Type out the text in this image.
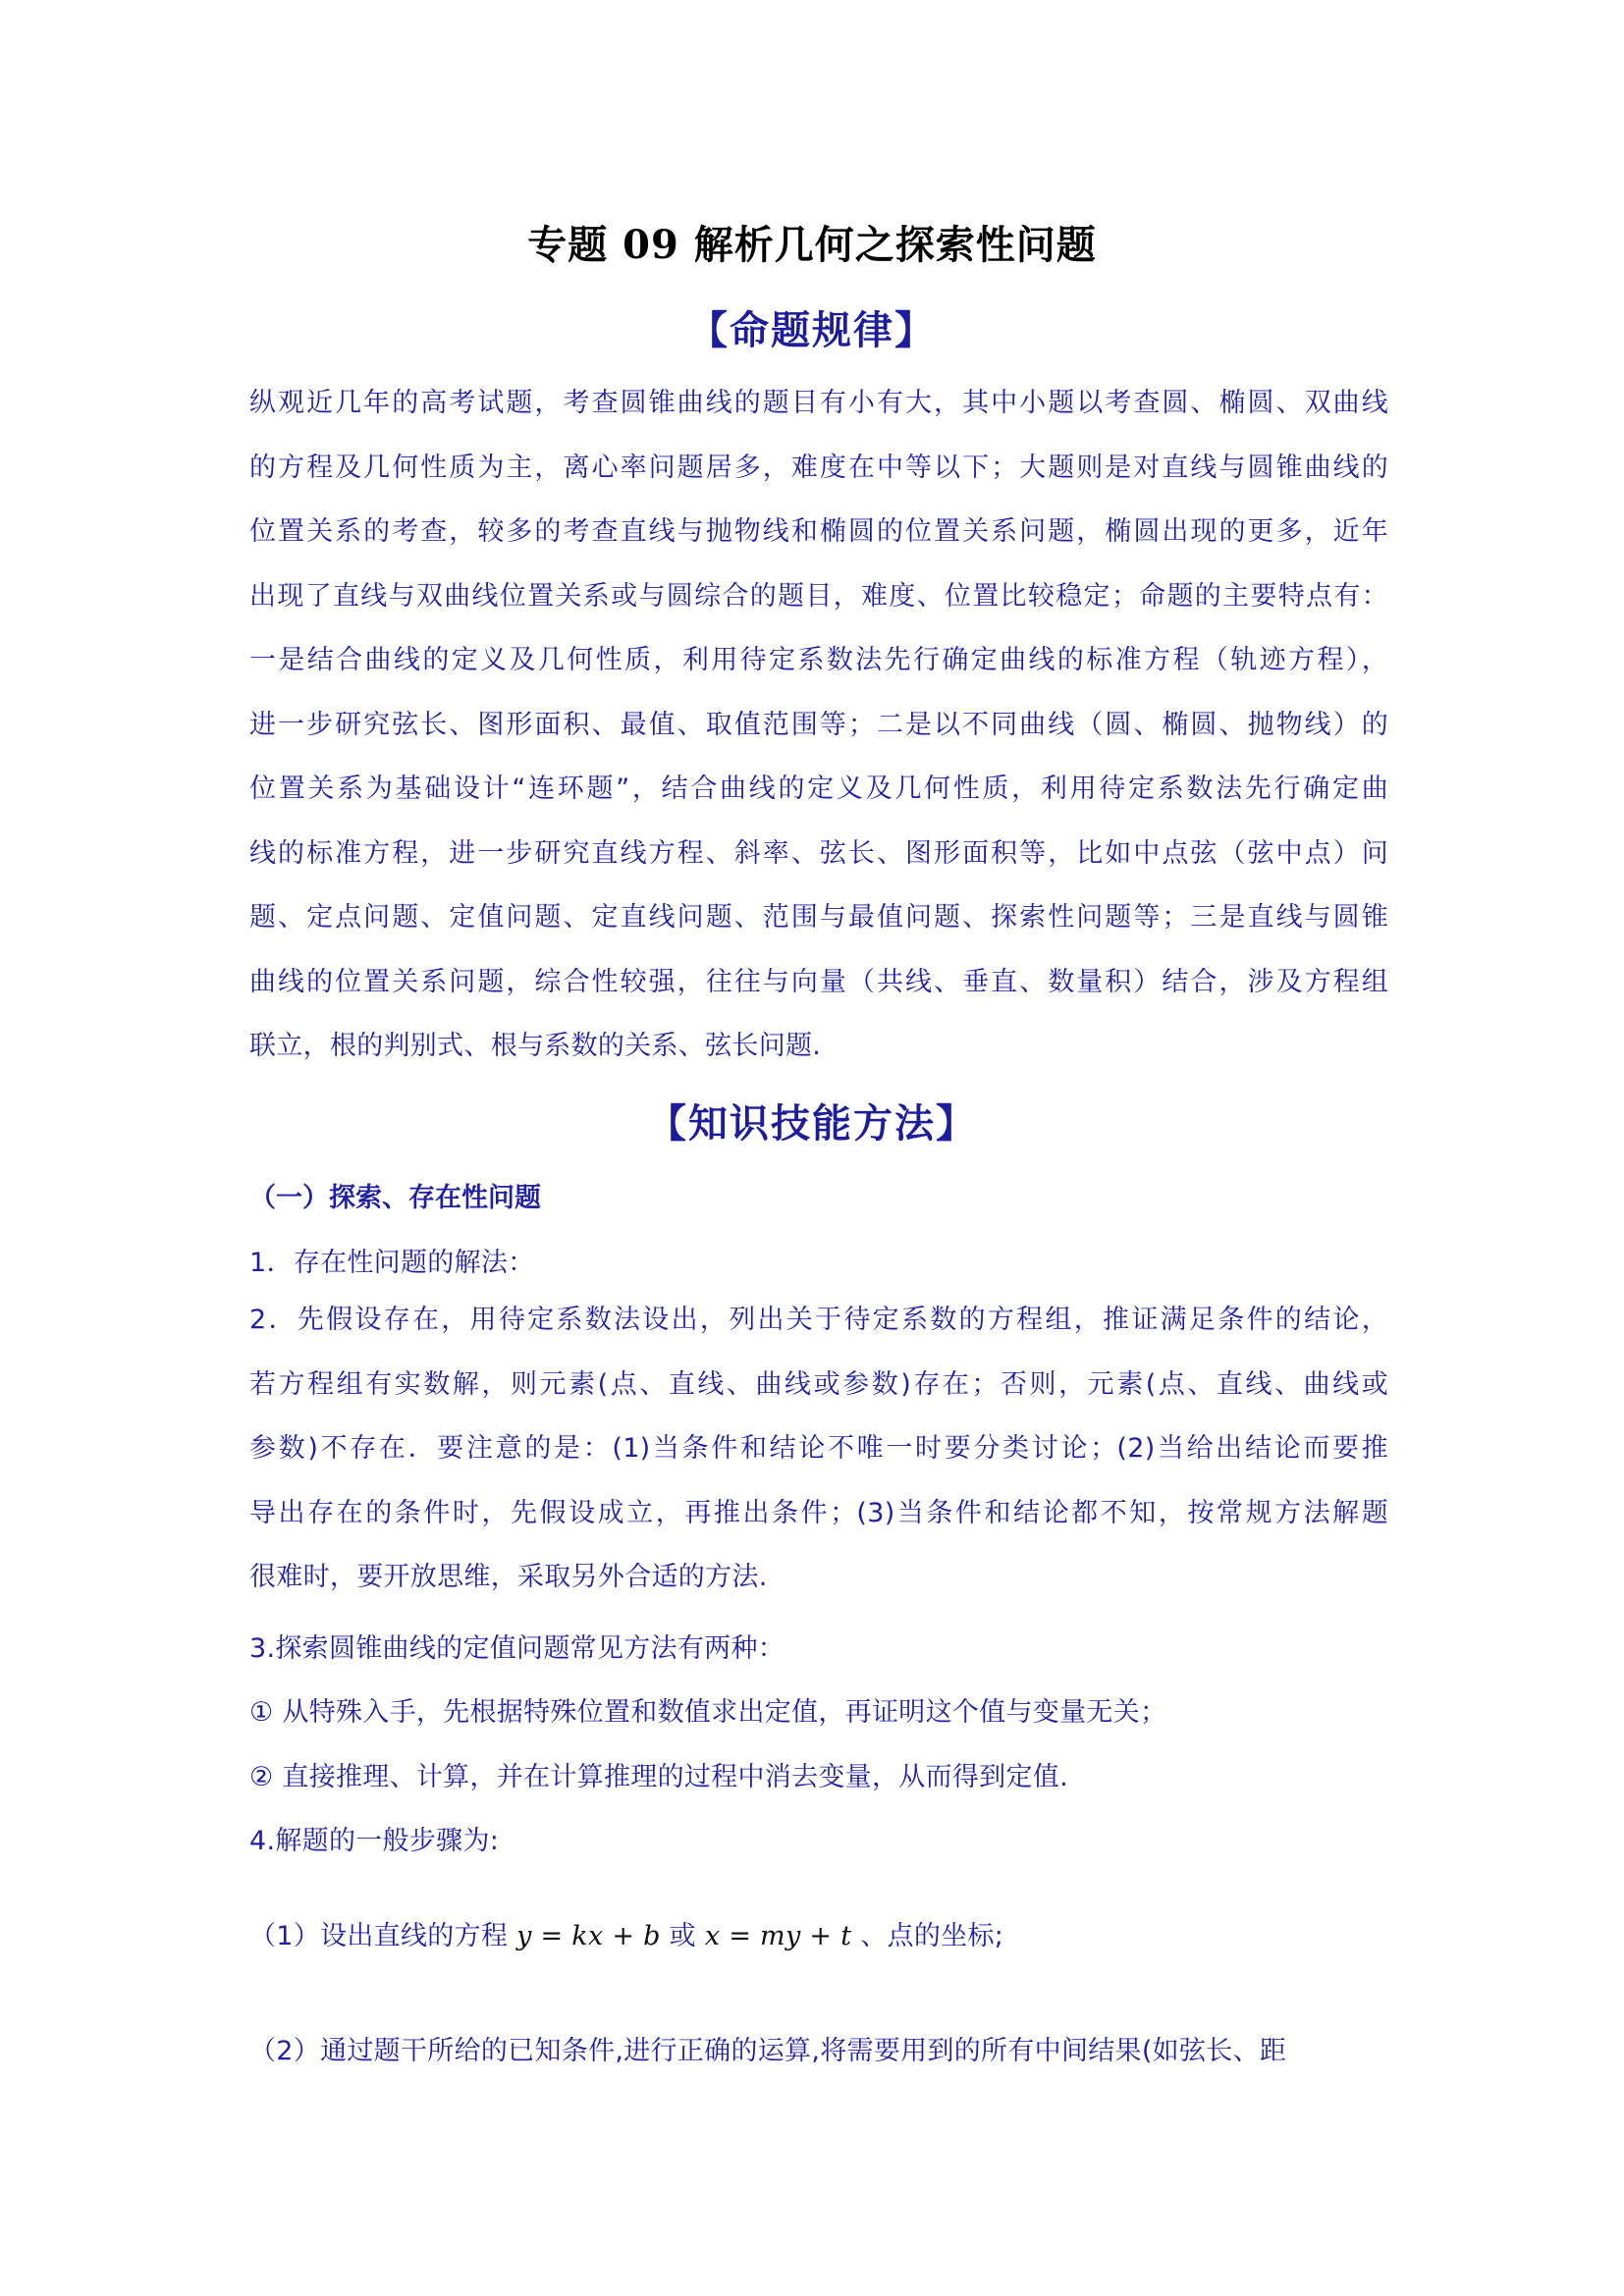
专题 09 解析几何之探索性问题
【命题规律】
纵观近几年的高考试题，考查圆锥曲线的题目有小有大，其中小题以考查圆、椭圆、双曲线
的方程及几何性质为主，离心率问题居多，难度在中等以下；大题则是对直线与圆锥曲线的
位置关系的考查，较多的考查直线与抛物线和椭圆的位置关系问题，椭圆出现的更多，近年
出现了直线与双曲线位置关系或与圆综合的题目，难度、位置比较稳定；命题的主要特点有：
一是结合曲线的定义及几何性质，利用待定系数法先行确定曲线的标准方程（轨迹方程），
进一步研究弦长、图形面积、最值、取值范围等；二是以不同曲线（圆、椭圆、抛物线）的
位置关系为基础设计“连环题”，结合曲线的定义及几何性质，利用待定系数法先行确定曲
线的标准方程，进一步研究直线方程、斜率、弦长、图形面积等，比如中点弦（弦中点）问
题、定点问题、定值问题、定直线问题、范围与最值问题、探索性问题等；三是直线与圆锥
曲线的位置关系问题，综合性较强，往往与向量（共线、垂直、数量积）结合，涉及方程组
联立，根的判别式、根与系数的关系、弦长问题.
【知识技能方法】
（一）探索、存在性问题
1．存在性问题的解法：
2．先假设存在，用待定系数法设出，列出关于待定系数的方程组，推证满足条件的结论，
若方程组有实数解，则元素(点、直线、曲线或参数)存在；否则，元素(点、直线、曲线或
参数)不存在．要注意的是：(1)当条件和结论不唯一时要分类讨论；(2)当给出结论而要推
导出存在的条件时，先假设成立，再推出条件；(3)当条件和结论都不知，按常规方法解题
很难时，要开放思维，采取另外合适的方法.
3.探索圆锥曲线的定值问题常见方法有两种：
① 从特殊入手，先根据特殊位置和数值求出定值，再证明这个值与变量无关；
② 直接推理、计算，并在计算推理的过程中消去变量，从而得到定值.
4.解题的一般步骤为:
（1）设出直线的方程 y = kx + b 或 x = my + t 、点的坐标;
（2）通过题干所给的已知条件,进行正确的运算,将需要用到的所有中间结果(如弦长、距
